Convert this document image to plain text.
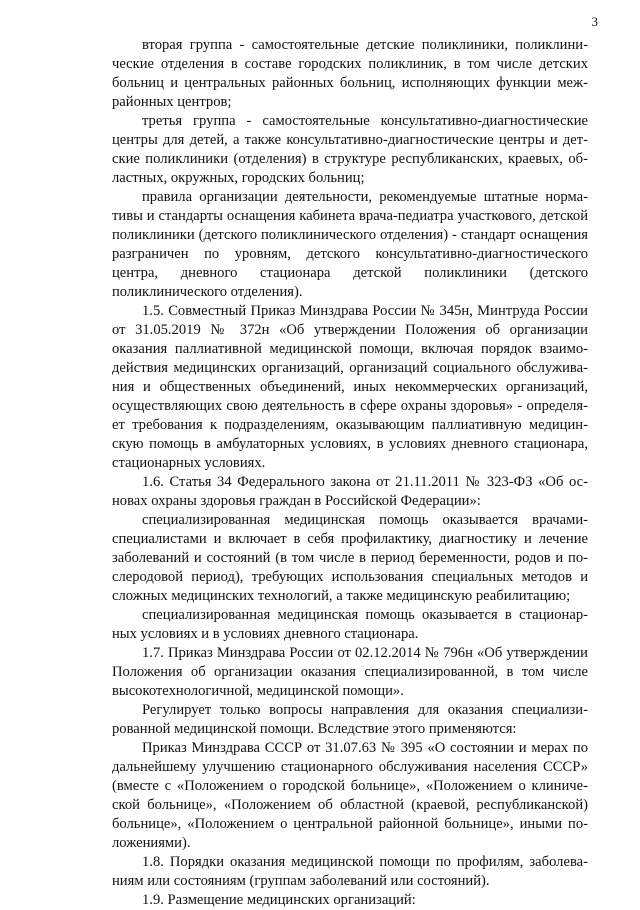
3

вторая группа - самостоятельные детские поликлиники, поликлинические отделения в составе городских поликлиник, в том числе детских больниц и центральных районных больниц, исполняющих функции межрайонных центров;

третья группа - самостоятельные консультативно-диагностические центры для детей, а также консультативно-диагностические центры и детские поликлиники (отделения) в структуре республиканских, краевых, областных, окружных, городских больниц;

правила организации деятельности, рекомендуемые штатные нормативы и стандарты оснащения кабинета врача-педиатра участкового, детской поликлиники (детского поликлинического отделения) - стандарт оснащения разграничен по уровням, детского консультативно-диагностического центра, дневного стационара детской поликлиники (детского поликлинического отделения).

1.5. Совместный Приказ Минздрава России № 345н, Минтруда России от 31.05.2019 № 372н «Об утверждении Положения об организации оказания паллиативной медицинской помощи, включая порядок взаимодействия медицинских организаций, организаций социального обслуживания и общественных объединений, иных некоммерческих организаций, осуществляющих свою деятельность в сфере охраны здоровья» - определяет требования к подразделениям, оказывающим паллиативную медицинскую помощь в амбулаторных условиях, в условиях дневного стационара, стационарных условиях.

1.6. Статья 34 Федерального закона от 21.11.2011 № 323-ФЗ «Об основах охраны здоровья граждан в Российской Федерации»:

специализированная медицинская помощь оказывается врачами-специалистами и включает в себя профилактику, диагностику и лечение заболеваний и состояний (в том числе в период беременности, родов и послеродовой период), требующих использования специальных методов и сложных медицинских технологий, а также медицинскую реабилитацию;

специализированная медицинская помощь оказывается в стационарных условиях и в условиях дневного стационара.

1.7. Приказ Минздрава России от 02.12.2014 № 796н «Об утверждении Положения об организации оказания специализированной, в том числе высокотехнологичной, медицинской помощи».

Регулирует только вопросы направления для оказания специализированной медицинской помощи. Вследствие этого применяются:

Приказ Минздрава СССР от 31.07.63 № 395 «О состоянии и мерах по дальнейшему улучшению стационарного обслуживания населения СССР» (вместе с «Положением о городской больнице», «Положением о клинической больнице», «Положением об областной (краевой, республиканской) больнице», «Положением о центральной районной больнице», иными положениями).

1.8. Порядки оказания медицинской помощи по профилям, заболеваниям или состояниям (группам заболеваний или состояний).

1.9. Размещение медицинских организаций:
